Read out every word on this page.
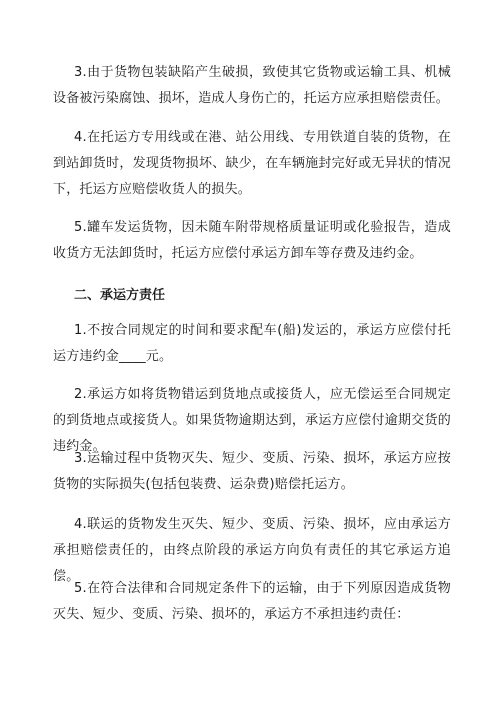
3.由于货物包装缺陷产生破损，致使其它货物或运输工具、机械设备被污染腐蚀、损坏，造成人身伤亡的，托运方应承担赔偿责任。

4.在托运方专用线或在港、站公用线、专用铁道自装的货物，在到站卸货时，发现货物损坏、缺少，在车辆施封完好或无异状的情况下，托运方应赔偿收货人的损失。

5.罐车发运货物，因未随车附带规格质量证明或化验报告，造成收货方无法卸货时，托运方应偿付承运方卸车等存费及违约金。

二、承运方责任

1.不按合同规定的时间和要求配车(船)发运的，承运方应偿付托运方违约金____元。

2.承运方如将货物错运到货地点或接货人，应无偿运至合同规定的到货地点或接货人。如果货物逾期达到，承运方应偿付逾期交货的违约金。

3.运输过程中货物灭失、短少、变质、污染、损坏，承运方应按货物的实际损失(包括包装费、运杂费)赔偿托运方。

4.联运的货物发生灭失、短少、变质、污染、损坏，应由承运方承担赔偿责任的，由终点阶段的承运方向负有责任的其它承运方追偿。

5.在符合法律和合同规定条件下的运输，由于下列原因造成货物灭失、短少、变质、污染、损坏的，承运方不承担违约责任：
